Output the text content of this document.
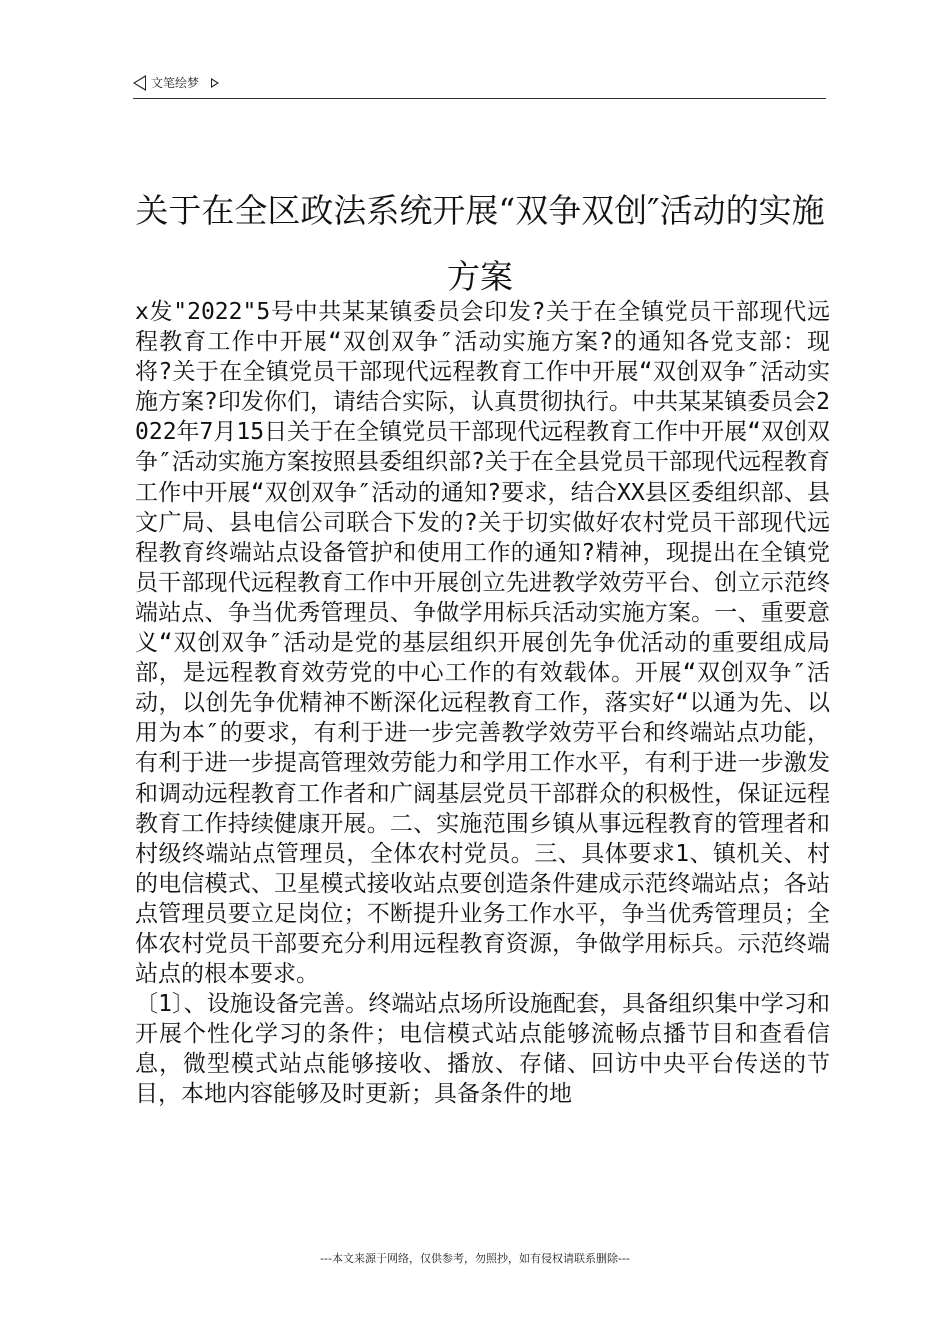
文笔绘梦
关于在全区政法系统开展“双争双创″活动的实施方案

x发"2022"5号中共某某镇委员会印发?关于在全镇党员干部现代远程教育工作中开展“双创双争″活动实施方案?的通知各党支部：现将?关于在全镇党员干部现代远程教育工作中开展“双创双争″活动实施方案?印发你们，请结合实际，认真贯彻执行。中共某某镇委员会2022年7月15日关于在全镇党员干部现代远程教育工作中开展“双创双争″活动实施方案按照县委组织部?关于在全县党员干部现代远程教育工作中开展“双创双争″活动的通知?要求，结合XX县区委组织部、县文广局、县电信公司联合下发的?关于切实做好农村党员干部现代远程教育终端站点设备管护和使用工作的通知?精神，现提出在全镇党员干部现代远程教育工作中开展创立先进教学效劳平台、创立示范终端站点、争当优秀管理员、争做学用标兵活动实施方案。一、重要意义“双创双争″活动是党的基层组织开展创先争优活动的重要组成局部，是远程教育效劳党的中心工作的有效载体。开展“双创双争″活动，以创先争优精神不断深化远程教育工作，落实好“以通为先、以用为本″的要求，有利于进一步完善教学效劳平台和终端站点功能，有利于进一步提高管理效劳能力和学用工作水平，有利于进一步激发和调动远程教育工作者和广阔基层党员干部群众的积极性，保证远程教育工作持续健康开展。二、实施范围乡镇从事远程教育的管理者和村级终端站点管理员，全体农村党员。三、具体要求1、镇机关、村的电信模式、卫星模式接收站点要创造条件建成示范终端站点；各站点管理员要立足岗位；不断提升业务工作水平，争当优秀管理员；全体农村党员干部要充分利用远程教育资源，争做学用标兵。示范终端站点的根本要求。

〔1〕、设施设备完善。终端站点场所设施配套，具备组织集中学习和开展个性化学习的条件；电信模式站点能够流畅点播节目和查看信息，微型模式站点能够接收、播放、存储、回访中央平台传送的节目，本地内容能够及时更新；具备条件的地

---本文来源于网络，仅供参考，勿照抄，如有侵权请联系删除---
